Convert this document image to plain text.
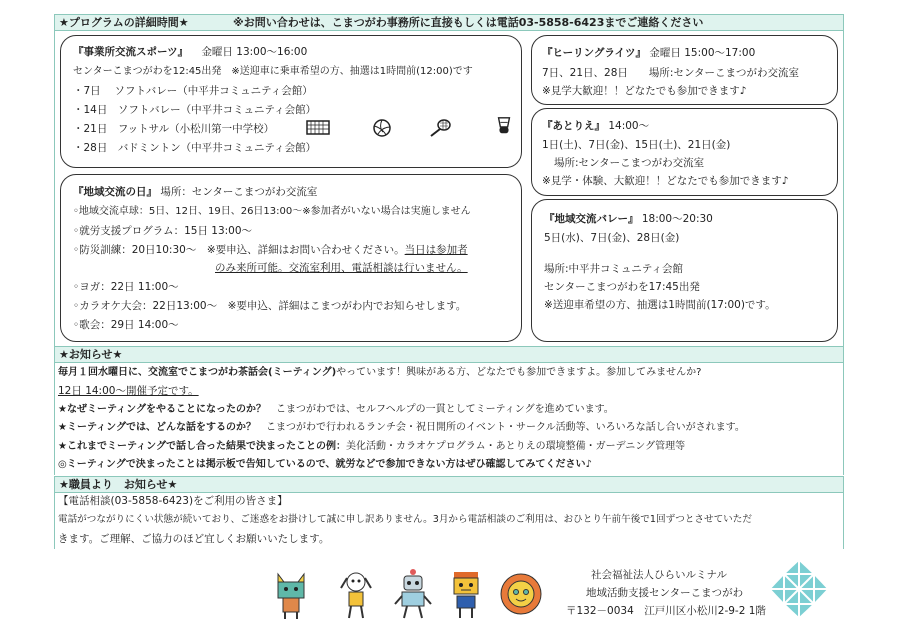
★プログラムの詳細時間★	※お問い合わせは、こまつがわ事務所に直接もしくは電話03-5858-6423までご連絡ください
『事業所交流スポーツ』 金曜日 13:00〜16:00
センターこまつがわを12:45出発　※送迎車に乗車希望の方、抽選は1時間前(12:00)です
・7日　 ソフトバレー（中平井コミュニティ会館）
・14日　ソフトバレー（中平井コミュニティ会館）
・21日　フットサル（小松川第一中学校）
・28日　バドミントン（中平井コミュニティ会館）
『地域交流の日』 場所：センターこまつがわ交流室
◦地域交流卓球：5日、12日、19日、26日13:00〜※参加者がいない場合は実施しません
◦就労支援プログラム：15日 13:00〜
◦防災訓練：20日10:30〜　※要申込、詳細はお問い合わせください。当日は参加者
のみ来所可能。交流室利用、電話相談は行いません。
◦ヨガ：22日 11:00〜
◦カラオケ大会：22日13:00〜　※要申込、詳細はこまつがわ内でお知らせします。
◦歌会：29日 14:00〜
『ヒーリングライツ』 金曜日 15:00〜17:00
7日、21日、28日　　場所:センターこまつがわ交流室
※見学大歓迎！！どなたでも参加できます♪
『あとりえ』 14:00〜
1日(土)、7日(金)、15日(土)、21日(金)
場所:センターこまつがわ交流室
※見学・体験、大歓迎！！どなたでも参加できます♪
『地域交流バレー』 18:00〜20:30
5日(水)、7日(金)、28日(金)
場所:中平井コミュニティ会館
センターこまつがわを17:45出発
※送迎車希望の方、抽選は1時間前(17:00)です。
★お知らせ★
毎月１回水曜日に、交流室でこまつがわ茶話会(ミーティング)やっています！興味がある方、どなたでも参加できますよ。参加してみませんか?
12日 14:00〜開催予定です。
★なぜミーティングをやることになったのか？　 こまつがわでは、セルフヘルプの一貫としてミーティングを進めています。
★ミーティングでは、どんな話をするのか？　 こまつがわで行われるランチ会・祝日開所のイベント・サークル活動等、いろいろな話し合いがされます。
★これまでミーティングで話し合った結果で決まったことの例：美化活動・カラオケプログラム・あとりえの環境整備・ガーデニング管理等
◎ミーティングで決まったことは掲示板で告知しているので、就労などで参加できない方はぜひ確認してみてください♪
★職員より　お知らせ★
【電話相談(03-5858-6423)をご利用の皆さま】
電話がつながりにくい状態が続いており、ご迷惑をお掛けして誠に申し訳ありません。3月から電話相談のご利用は、おひとり午前午後で1回ずつとさせていただ
きます。ご理解、ご協力のほど宜しくお願いいたします。
社会福祉法人ひらいルミナル
地域活動支援センターこまつがわ
〒132－0034　江戸川区小松川2-9-2 1階
